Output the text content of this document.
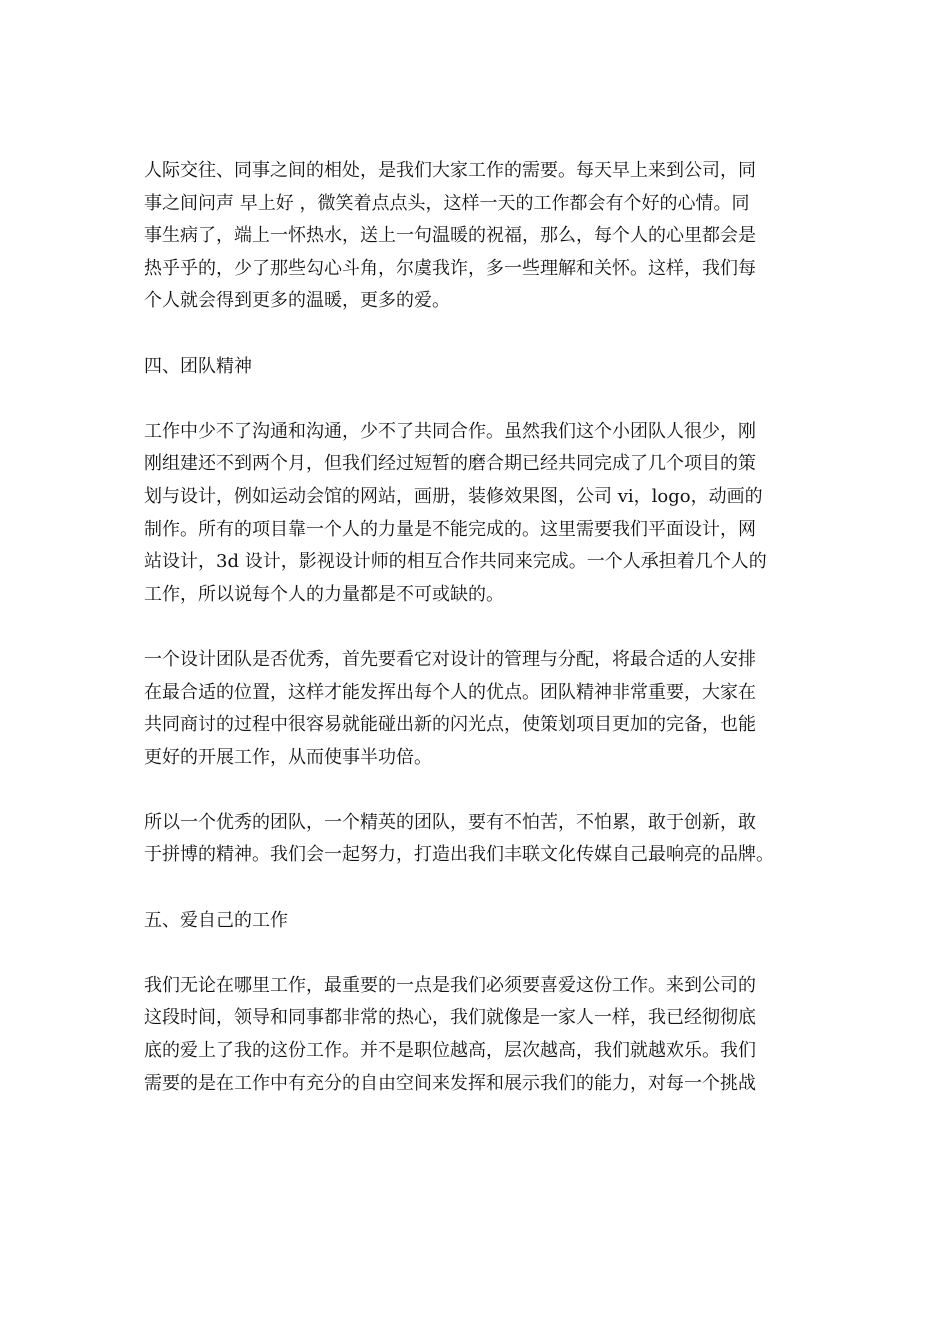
人际交往、同事之间的相处，是我们大家工作的需要。每天早上来到公司，同
事之间问声 早上好 ，微笑着点点头，这样一天的工作都会有个好的心情。同
事生病了，端上一怀热水，送上一句温暖的祝福，那么，每个人的心里都会是
热乎乎的，少了那些勾心斗角，尔虞我诈，多一些理解和关怀。这样，我们每
个人就会得到更多的温暖，更多的爱。
四、团队精神
工作中少不了沟通和沟通，少不了共同合作。虽然我们这个小团队人很少，刚
刚组建还不到两个月，但我们经过短暂的磨合期已经共同完成了几个项目的策
划与设计，例如运动会馆的网站，画册，装修效果图，公司 vi，logo，动画的
制作。所有的项目靠一个人的力量是不能完成的。这里需要我们平面设计，网
站设计，3d 设计，影视设计师的相互合作共同来完成。一个人承担着几个人的
工作，所以说每个人的力量都是不可或缺的。
一个设计团队是否优秀，首先要看它对设计的管理与分配，将最合适的人安排
在最合适的位置，这样才能发挥出每个人的优点。团队精神非常重要，大家在
共同商讨的过程中很容易就能碰出新的闪光点，使策划项目更加的完备，也能
更好的开展工作，从而使事半功倍。
所以一个优秀的团队，一个精英的团队，要有不怕苦，不怕累，敢于创新，敢
于拼博的精神。我们会一起努力，打造出我们丰联文化传媒自己最响亮的品牌。
五、爱自己的工作
我们无论在哪里工作，最重要的一点是我们必须要喜爱这份工作。来到公司的
这段时间，领导和同事都非常的热心，我们就像是一家人一样，我已经彻彻底
底的爱上了我的这份工作。并不是职位越高，层次越高，我们就越欢乐。我们
需要的是在工作中有充分的自由空间来发挥和展示我们的能力，对每一个挑战
